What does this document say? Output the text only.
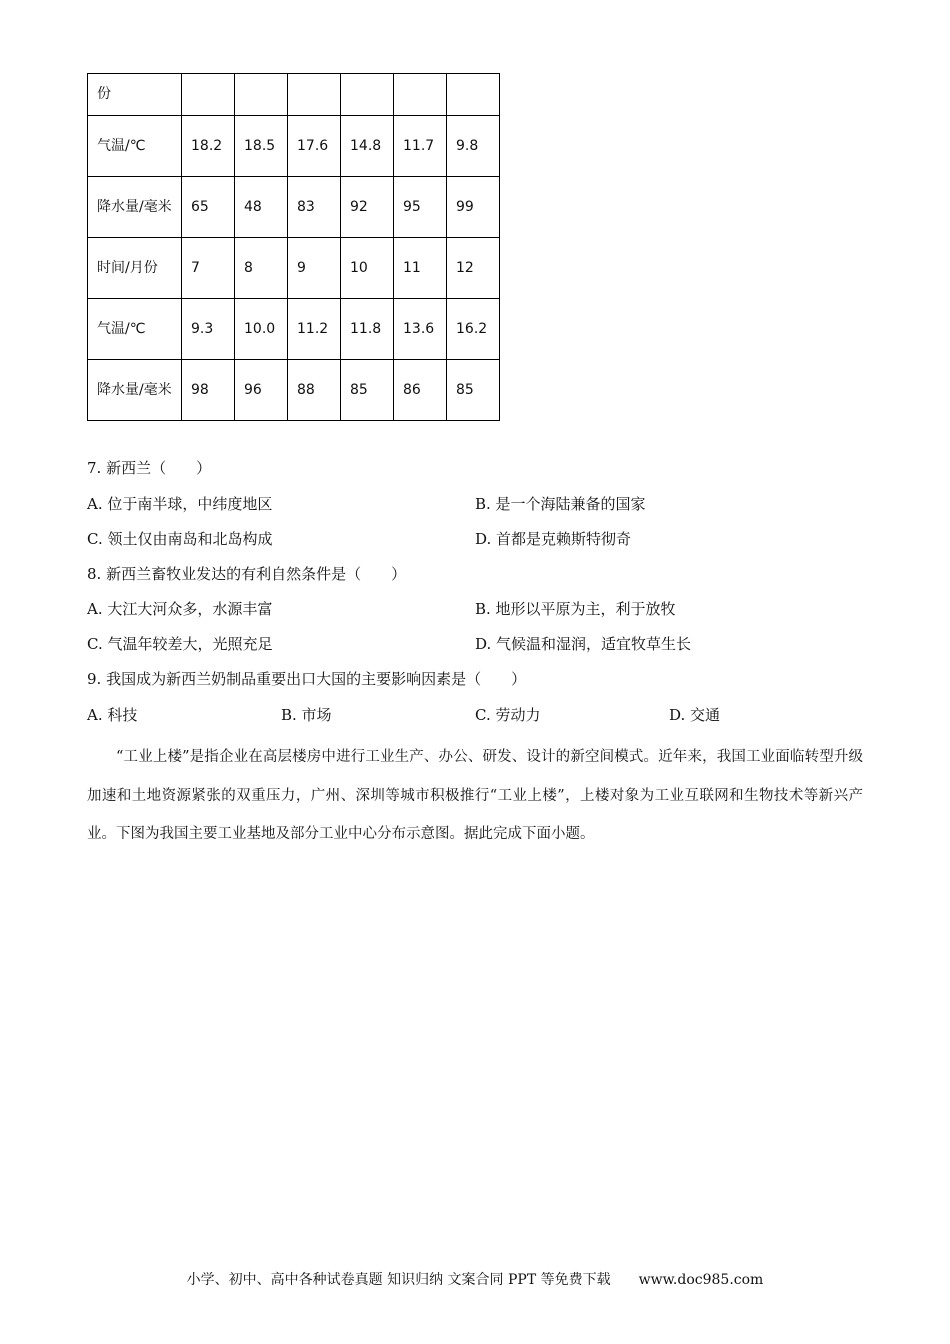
份						
气温/℃	18.2	18.5	17.6	14.8	11.7	9.8
降水量/毫米	65	48	83	92	95	99
时间/月份	7	8	9	10	11	12
气温/℃	9.3	10.0	11.2	11.8	13.6	16.2
降水量/毫米	98	96	88	85	86	85
7. 新西兰（　　）
A. 位于南半球，中纬度地区	B. 是一个海陆兼备的国家
C. 领土仅由南岛和北岛构成	D. 首都是克赖斯特彻奇
8. 新西兰畜牧业发达的有利自然条件是（　　）
A. 大江大河众多，水源丰富	B. 地形以平原为主，利于放牧
C. 气温年较差大，光照充足	D. 气候温和湿润，适宜牧草生长
9. 我国成为新西兰奶制品重要出口大国的主要影响因素是（　　）
A. 科技	B. 市场	C. 劳动力	D. 交通
“工业上楼”是指企业在高层楼房中进行工业生产、办公、研发、设计的新空间模式。近年来，我国工业面临转型升级加速和土地资源紧张的双重压力，广州、深圳等城市积极推行“工业上楼”，上楼对象为工业互联网和生物技术等新兴产业。下图为我国主要工业基地及部分工业中心分布示意图。据此完成下面小题。
小学、初中、高中各种试卷真题 知识归纳 文案合同 PPT 等免费下载　　www.doc985.com
